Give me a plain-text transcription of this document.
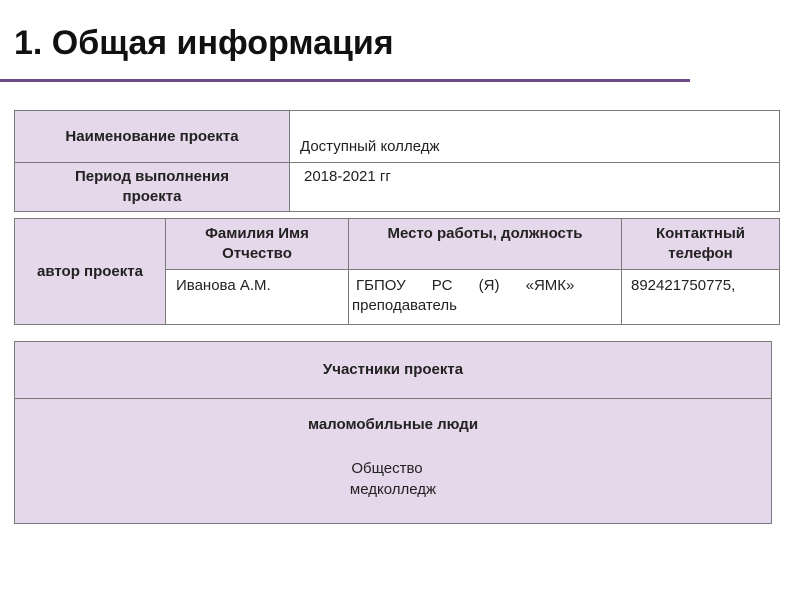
1. Общая информация
Наименование проекта
Доступный колледж
Период выполнения проекта
2018-2021 гг
автор проекта
Фамилия Имя Отчество
Место работы, должность	Контактный телефон
Иванова А.М.	ГБПОУ РС (Я) «ЯМК»
преподаватель
892421750775,
Участники проекта
маломобильные люди
Общество
медколледж
